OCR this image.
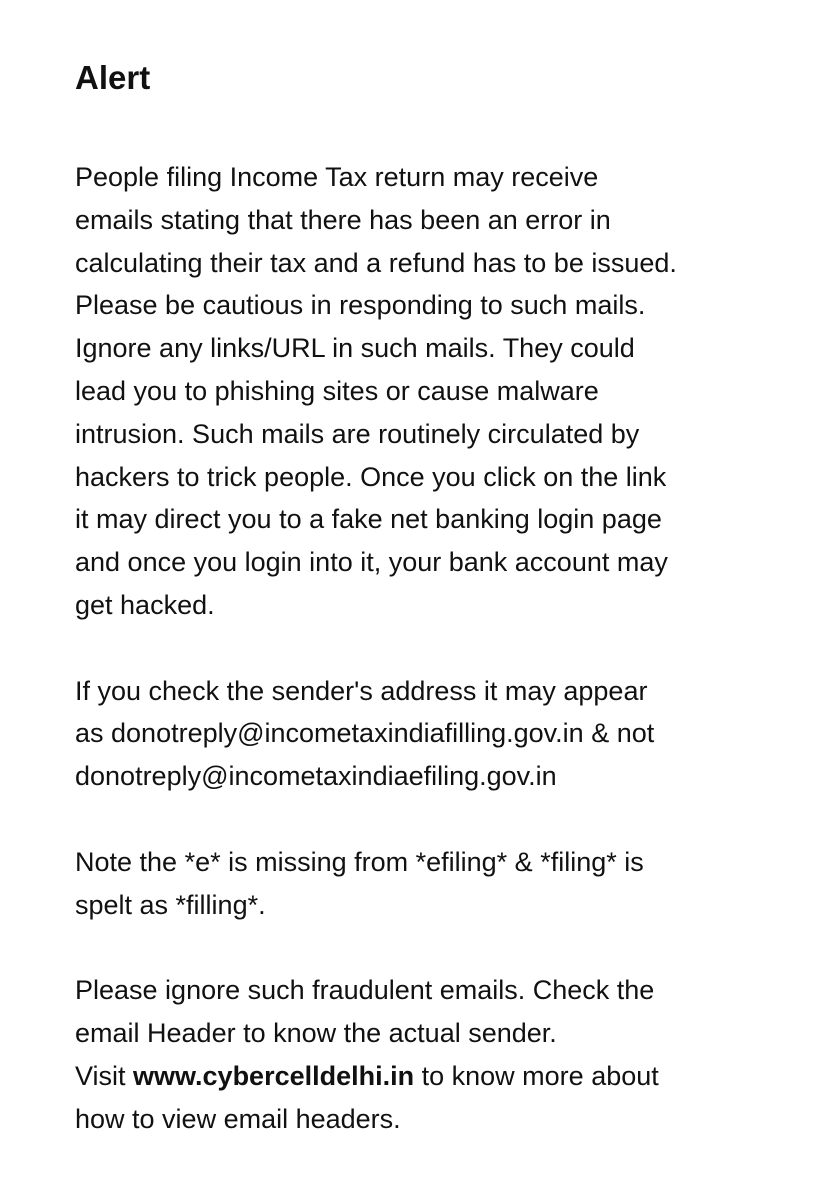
Alert

People filing Income Tax return may receive
emails stating that there has been an error in
calculating their tax and a refund has to be issued.
Please be cautious in responding to such mails.
Ignore any links/URL in such mails. They could
lead you to phishing sites or cause malware
intrusion. Such mails are routinely circulated by
hackers to trick people. Once you click on the link
it may direct you to a fake net banking login page
and once you login into it, your bank account may
get hacked.

If you check the sender's address it may appear
as donotreply@incometaxindiafilling.gov.in & not
donotreply@incometaxindiaefiling.gov.in

Note the *e* is missing from *efiling* & *filing* is
spelt as *filling*.

Please ignore such fraudulent emails. Check the
email Header to know the actual sender.
Visit www.cybercelldelhi.in to know more about
how to view email headers.
